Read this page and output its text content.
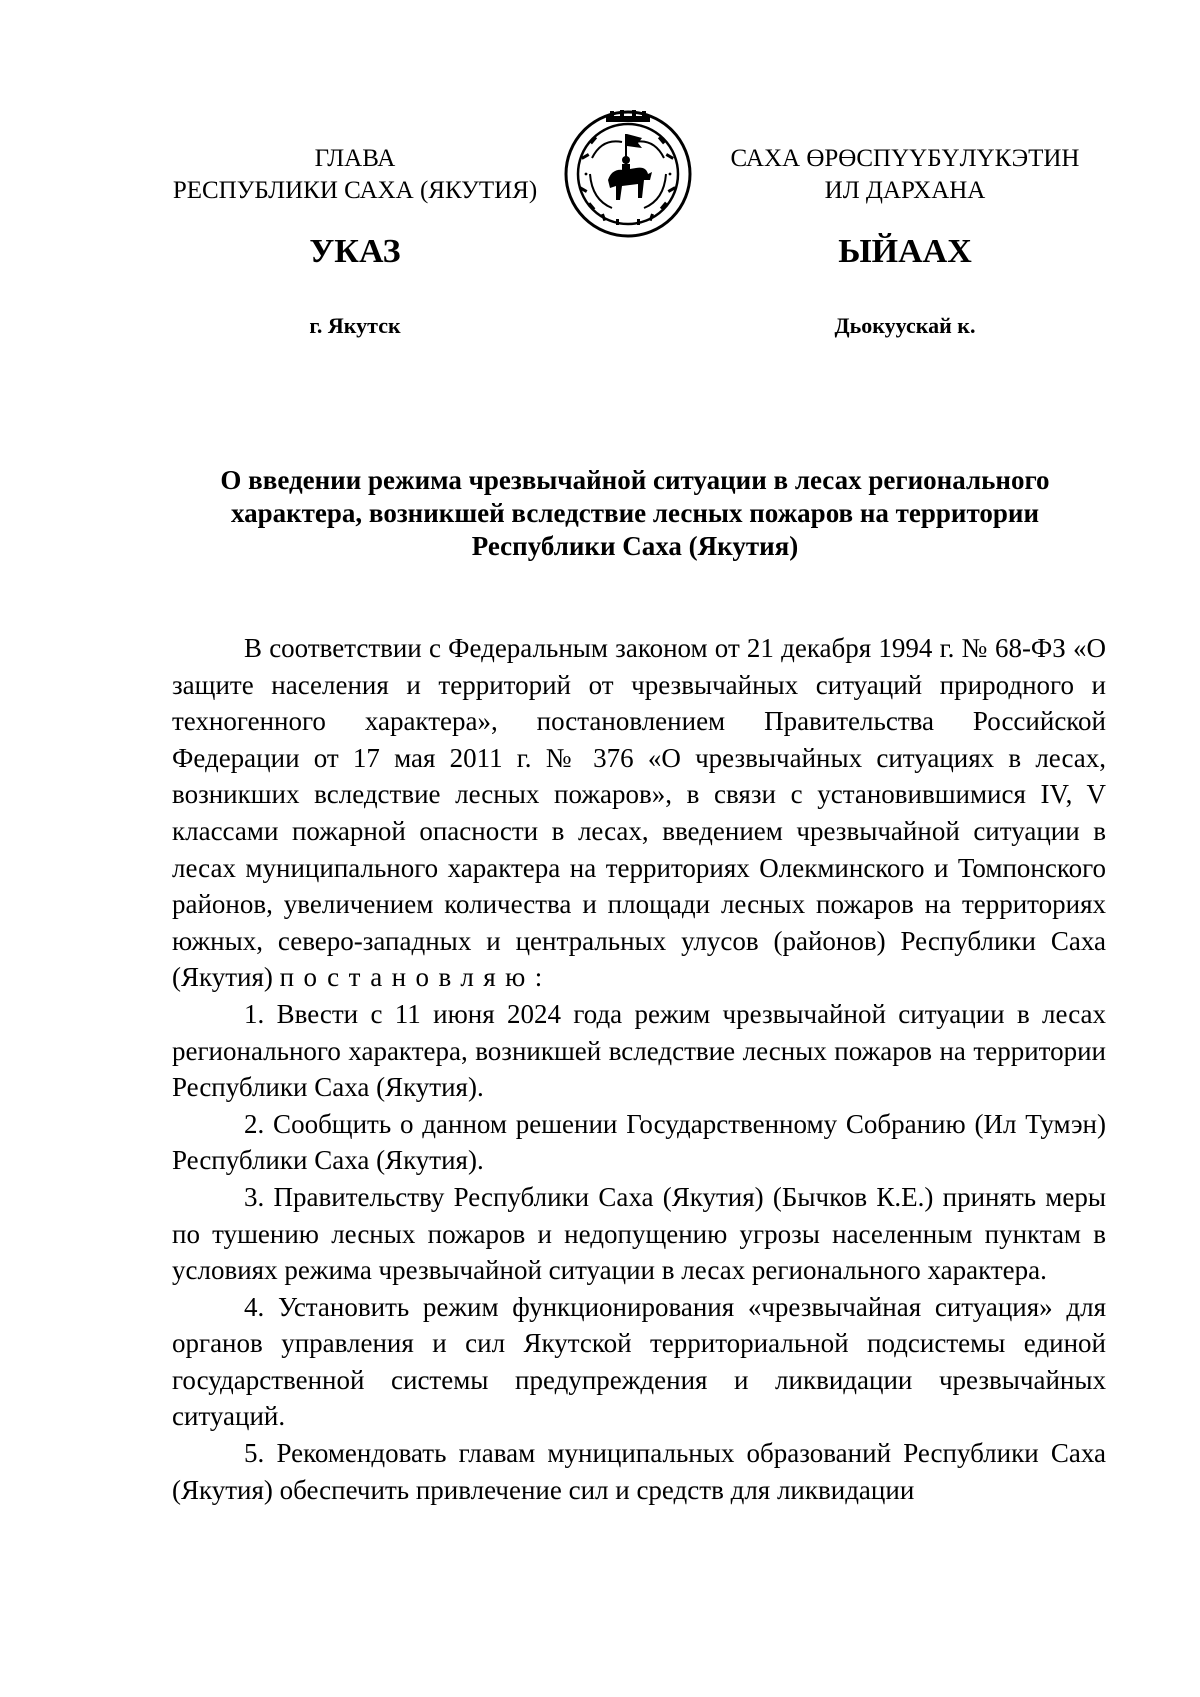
ГЛАВА
РЕСПУБЛИКИ САХА (ЯКУТИЯ)
САХА ӨРӨСПҮҮБҮЛҮКЭТИН
ИЛ ДАРХАНА
УКАЗ	ЫЙААХ
г. Якутск	Дьокуускай к.
О введении режима чрезвычайной ситуации в лесах регионального
характера, возникшей вследствие лесных пожаров на территории
Республики Саха (Якутия)

В соответствии с Федеральным законом от 21 декабря 1994 г. № 68-ФЗ «О защите населения и территорий от чрезвычайных ситуаций природного и техногенного характера», постановлением Правительства Российской Федерации от 17 мая 2011 г. № 376 «О чрезвычайных ситуациях в лесах, возникших вследствие лесных пожаров», в связи с установившимися IV, V классами пожарной опасности в лесах, введением чрезвычайной ситуации в лесах муниципального характера на территориях Олекминского и Томпонского районов, увеличением количества и площади лесных пожаров на территориях южных, северо-западных и центральных улусов (районов) Республики Саха (Якутия) постановляю:

1. Ввести с 11 июня 2024 года режим чрезвычайной ситуации в лесах регионального характера, возникшей вследствие лесных пожаров на территории Республики Саха (Якутия).

2. Сообщить о данном решении Государственному Собранию (Ил Тумэн) Республики Саха (Якутия).

3. Правительству Республики Саха (Якутия) (Бычков К.Е.) принять меры по тушению лесных пожаров и недопущению угрозы населенным пунктам в условиях режима чрезвычайной ситуации в лесах регионального характера.

4. Установить режим функционирования «чрезвычайная ситуация» для органов управления и сил Якутской территориальной подсистемы единой государственной системы предупреждения и ликвидации чрезвычайных ситуаций.

5. Рекомендовать главам муниципальных образований Республики Саха (Якутия) обеспечить привлечение сил и средств для ликвидации
